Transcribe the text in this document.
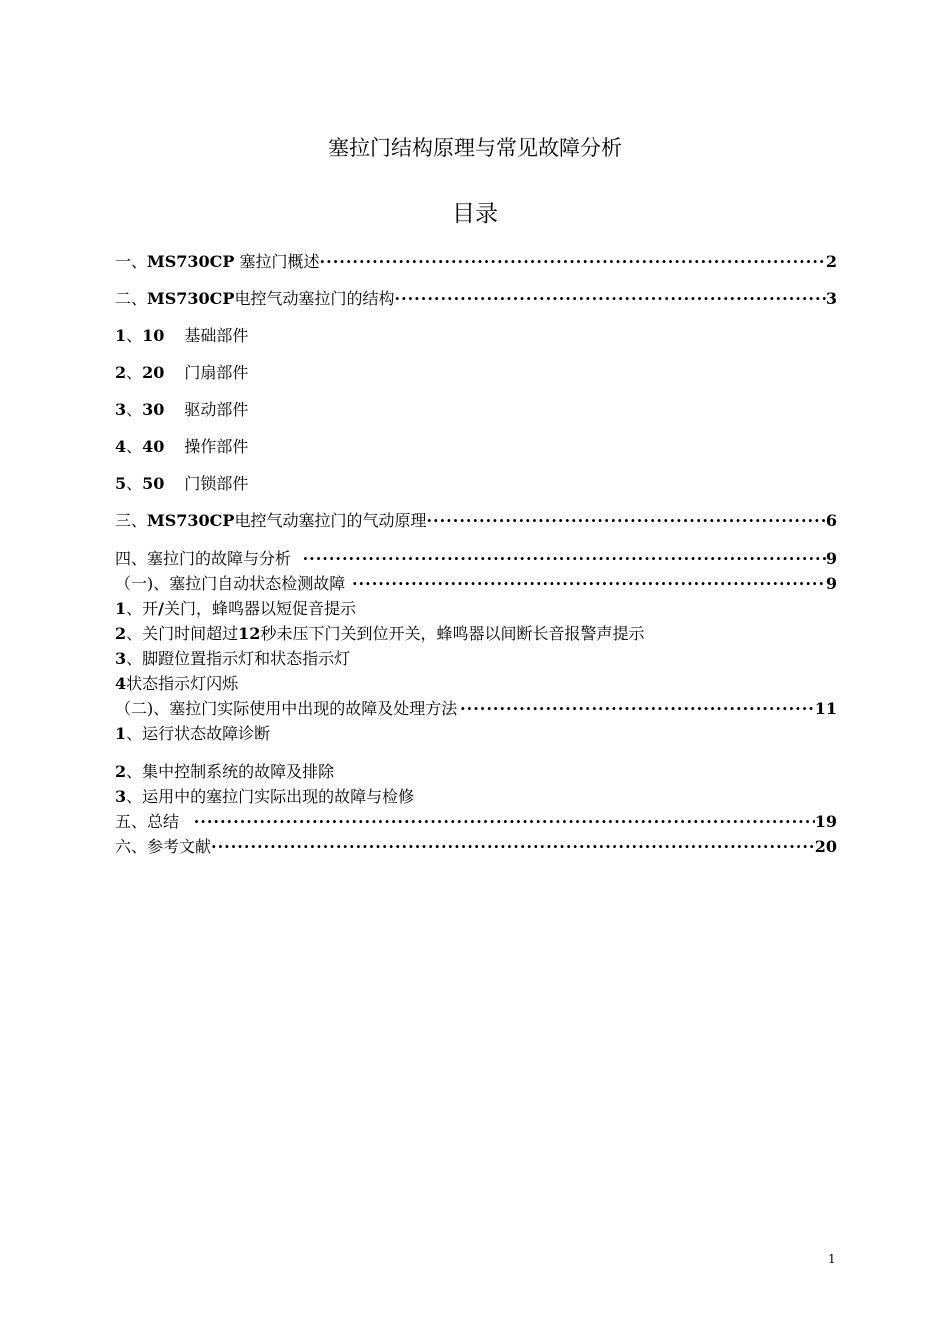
塞拉门结构原理与常见故障分析
目录
一、MS730CP 塞拉门概述 ·····	2
二、MS730CP电控气动塞拉门的结构 ·····	3
1、10 基础部件
2、20 门扇部件
3、30 驱动部件
4、40 操作部件
5、50 门锁部件
三、MS730CP电控气动塞拉门的气动原理 ·····	6
四、塞拉门的故障与分析 ·····	9
（一)、塞拉门自动状态检测故障 ·····	9
1、开/关门，蜂鸣器以短促音提示
2、关门时间超过12秒未压下门关到位开关，蜂鸣器以间断长音报警声提示
3、脚蹬位置指示灯和状态指示灯
4状态指示灯闪烁
（二)、塞拉门实际使用中出现的故障及处理方法 ·····	11
1、运行状态故障诊断
2、集中控制系统的故障及排除
3、运用中的塞拉门实际出现的故障与检修
五、总结 ·····	19
六、参考文献 ·····	20
1
